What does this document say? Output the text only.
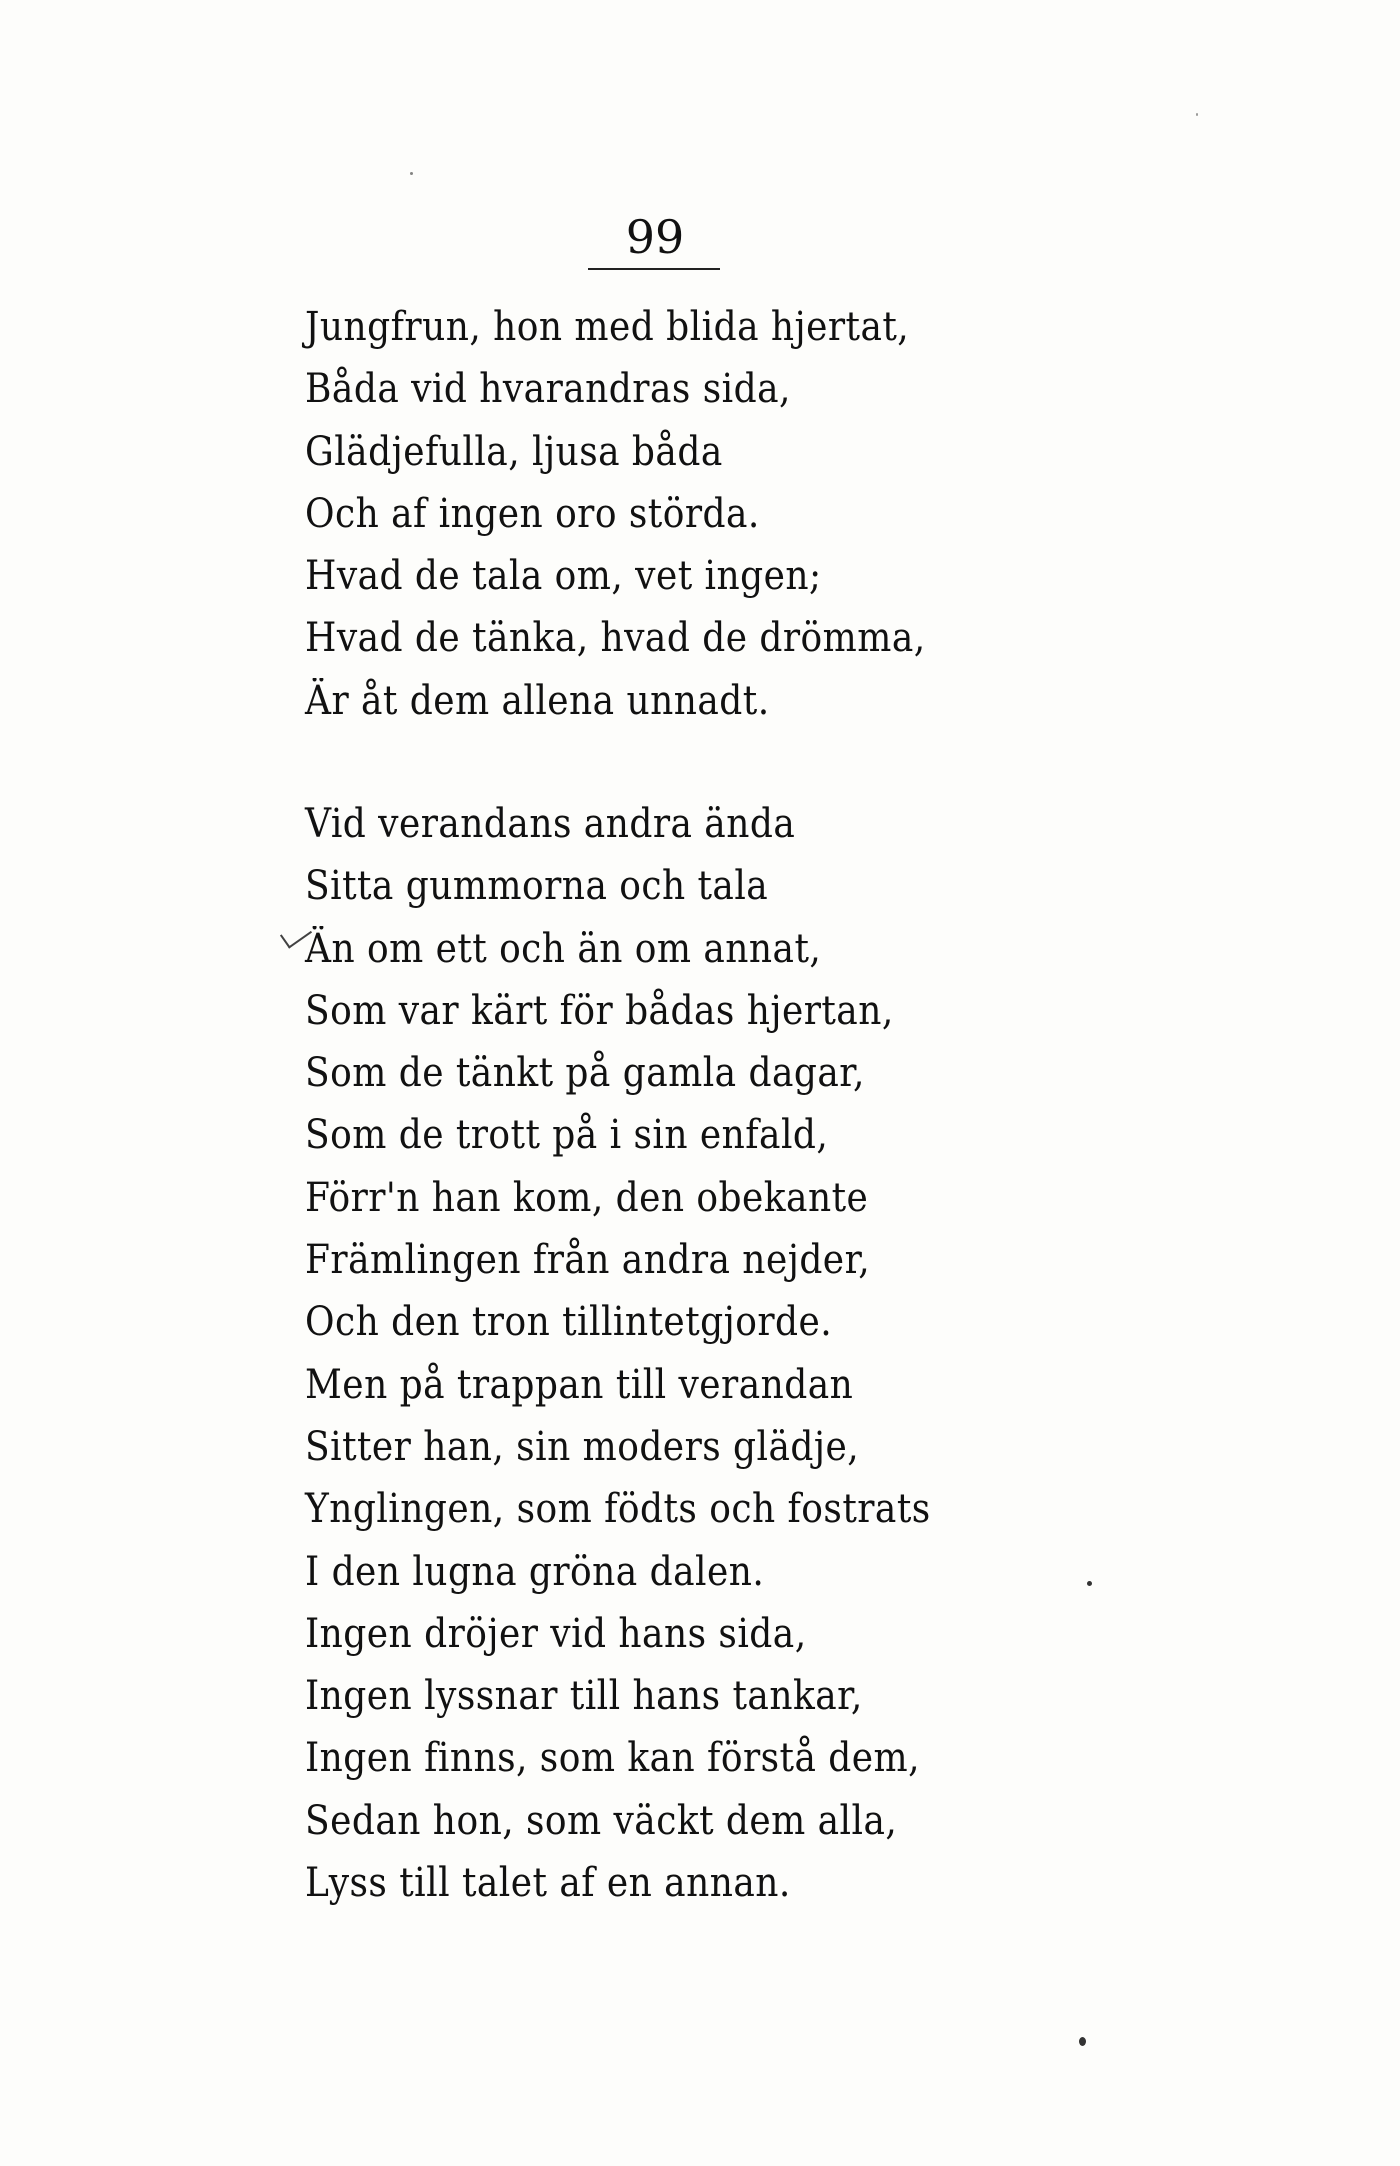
99
Jungfrun, hon med blida hjertat,
Båda vid hvarandras sida,
Glädjefulla, ljusa båda
Och af ingen oro störda.
Hvad de tala om, vet ingen;
Hvad de tänka, hvad de drömma,
Är åt dem allena unnadt.
Vid verandans andra ända
Sitta gummorna och tala
Än om ett och än om annat,
Som var kärt för bådas hjertan,
Som de tänkt på gamla dagar,
Som de trott på i sin enfald,
Förr'n han kom, den obekante
Främlingen från andra nejder,
Och den tron tillintetgjorde.
Men på trappan till verandan
Sitter han, sin moders glädje,
Ynglingen, som födts och fostrats
I den lugna gröna dalen.
Ingen dröjer vid hans sida,
Ingen lyssnar till hans tankar,
Ingen finns, som kan förstå dem,
Sedan hon, som väckt dem alla,
Lyss till talet af en annan.
